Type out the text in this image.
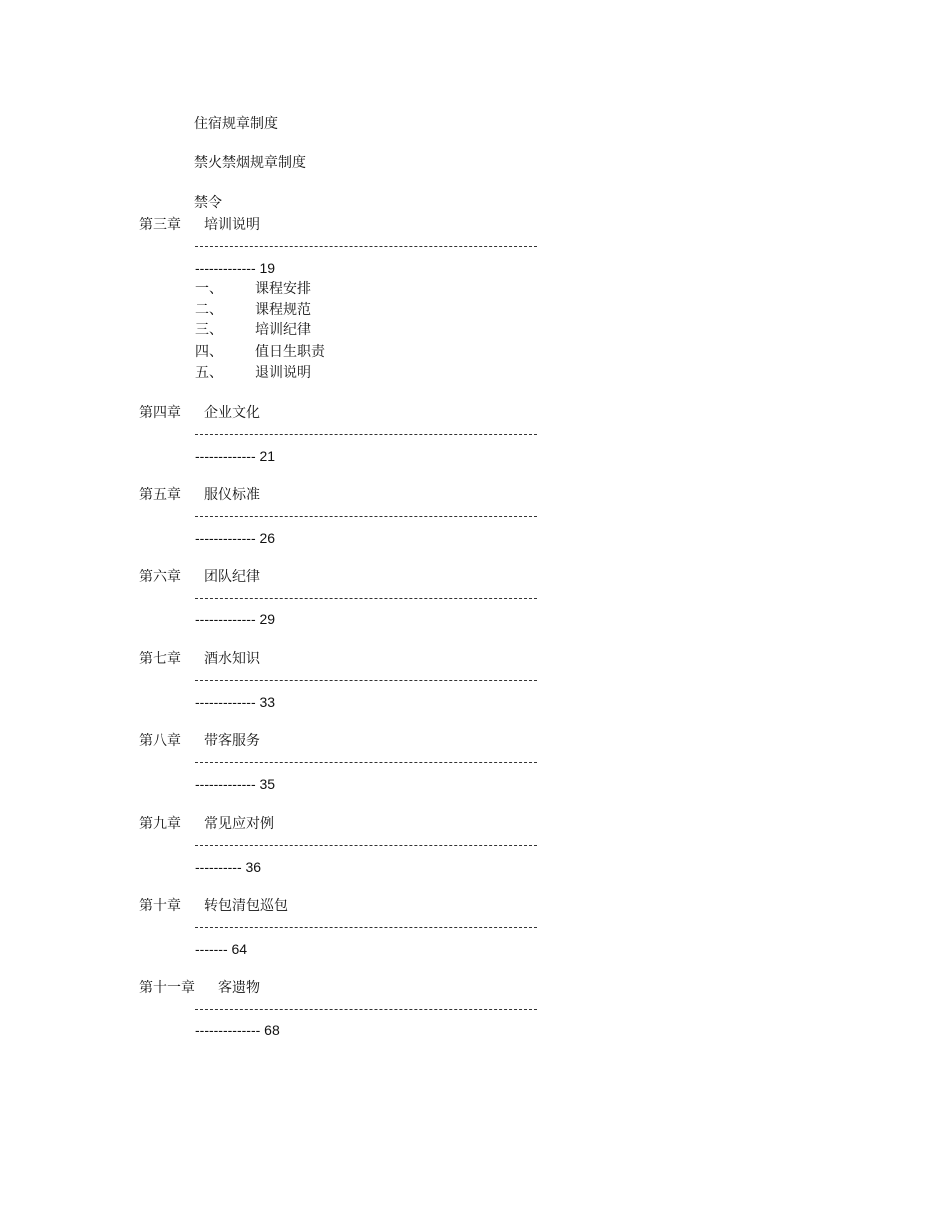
住宿规章制度
禁火禁烟规章制度
禁令
第三章 培训说明
------------- 19
一、 课程安排
二、 课程规范
三、 培训纪律
四、 值日生职责
五、 退训说明
第四章 企业文化
------------- 21
第五章 服仪标准
------------- 26
第六章 团队纪律
------------- 29
第七章 酒水知识
------------- 33
第八章 带客服务
------------- 35
第九章 常见应对例
---------- 36
第十章 转包清包巡包
------- 64
第十一章 客遗物
-------------- 68
